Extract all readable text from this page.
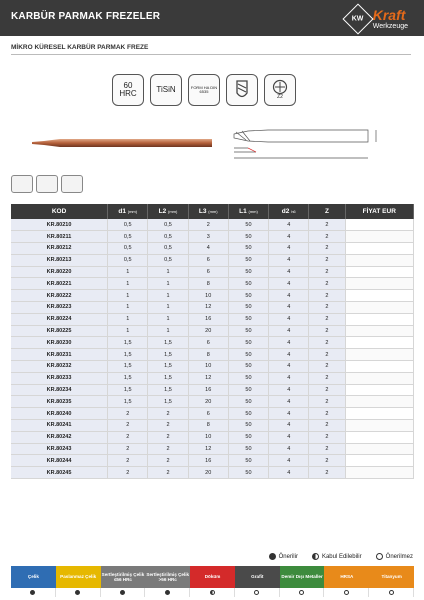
KARBÜR PARMAK FREZELER	KW Kraft
Werkzeuge
MİKRO KÜRESEL KARBÜR PARMAK FREZE
60
HRC TiSiN	FORM HA DIN 6535
Z2
KOD	d1 (mm)	L2 (mm)	L3 (mm)	L1 (mm)	d2 h6	Z	FİYAT EUR
KR.80210	0,5	0,5	2	50	4	2	
KR.80211	0,5	0,5	3	50	4	2	
KR.80212	0,5	0,5	4	50	4	2	
KR.80213	0,5	0,5	6	50	4	2	
KR.80220	1	1	6	50	4	2	
KR.80221	1	1	8	50	4	2	
KR.80222	1	1	10	50	4	2	
KR.80223	1	1	12	50	4	2	
KR.80224	1	1	16	50	4	2	
KR.80225	1	1	20	50	4	2	
KR.80230	1,5	1,5	6	50	4	2	
KR.80231	1,5	1,5	8	50	4	2	
KR.80232	1,5	1,5	10	50	4	2	
KR.80233	1,5	1,5	12	50	4	2	
KR.80234	1,5	1,5	16	50	4	2	
KR.80235	1,5	1,5	20	50	4	2	
KR.80240	2	2	6	50	4	2	
KR.80241	2	2	8	50	4	2	
KR.80242	2	2	10	50	4	2	
KR.80243	2	2	12	50	4	2	
KR.80244	2	2	16	50	4	2	
KR.80245	2	2	20	50	4	2	
Önerilir	Kabul Edilebilir	Önerilmez
Çelik	Paslanmaz Çelik
Sertleştirilmiş Çelik ≤56 HRc
Sertleştirilmiş Çelik >56 HRc
Döküm	Grafit	Demir Dışı Metaller	HRSA	Titanyum
